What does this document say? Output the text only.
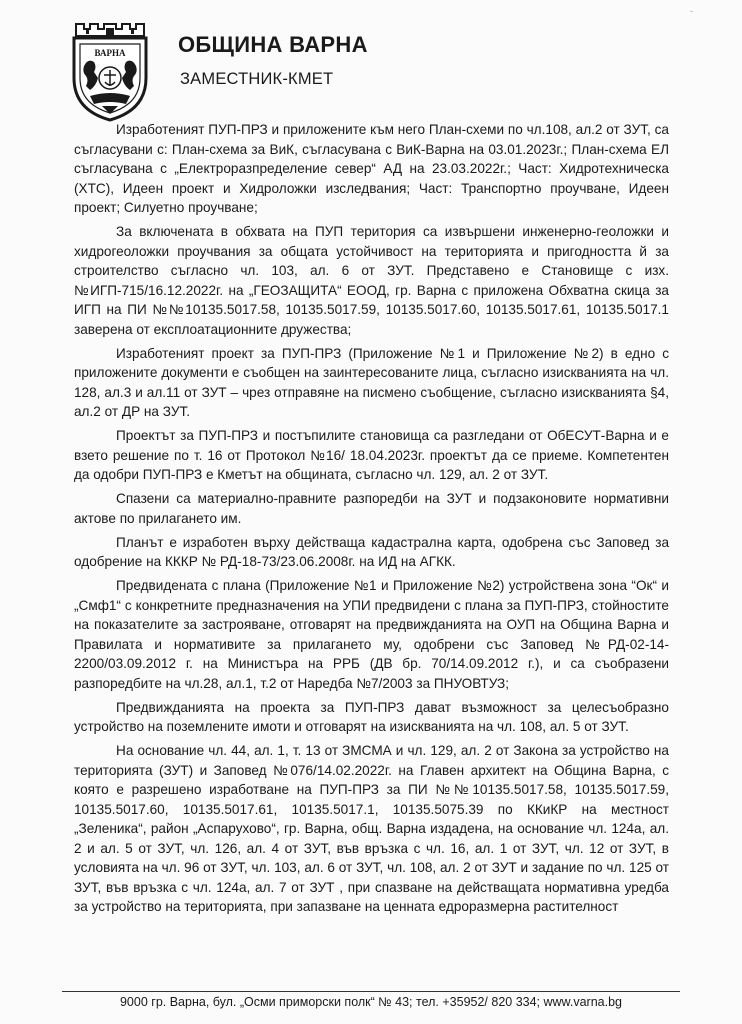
ВАРНА ОБЩИНА ВАРНА
ЗАМЕСТНИК-КМЕТ
-

Изработеният ПУП-ПРЗ и приложените към него План-схеми по чл.108, ал.2 от ЗУТ, са съгласувани с: План-схема за ВиК, съгласувана с ВиК-Варна на 03.01.2023г.; План-схема ЕЛ съгласувана с „Електроразпределение север“ АД на 23.03.2022г.; Част: Хидротехническа (ХТС), Идеен проект и Хидроложки изследвания; Част: Транспортно проучване, Идеен проект; Силуетно проучване;

За включената в обхвата на ПУП територия са извършени инженерно-геоложки и хидрогеоложки проучвания за общата устойчивост на територията и пригодността й за строителство съгласно чл. 103, ал. 6 от ЗУТ. Представено е Становище с изх. №ИГП-715/16.12.2022г. на „ГЕОЗАЩИТА“ ЕООД, гр. Варна с приложена Обхватна скица за ИГП на ПИ №№10135.5017.58, 10135.5017.59, 10135.5017.60, 10135.5017.61, 10135.5017.1 заверена от експлоатационните дружества;

Изработеният проект за ПУП-ПРЗ (Приложение №1 и Приложение №2) в едно с приложените документи е съобщен на заинтересованите лица, съгласно изискванията на чл. 128, ал.3 и ал.11 от ЗУТ – чрез отправяне на писмено съобщение, съгласно изискванията §4, ал.2 от ДР на ЗУТ.

Проектът за ПУП-ПРЗ и постъпилите становища са разгледани от ОбЕСУТ-Варна и е взето решение по т. 16 от Протокол №16/ 18.04.2023г. проектът да се приеме. Компетентен да одобри ПУП-ПРЗ е Кметът на общината, съгласно чл. 129, ал. 2 от ЗУТ.

Спазени са материално-правните разпоредби на ЗУТ и подзаконовите нормативни актове по прилагането им.

Планът е изработен върху действаща кадастрална карта, одобрена със Заповед за одобрение на КККР № РД-18-73/23.06.2008г. на ИД на АГКК.

Предвидената с плана (Приложение №1 и Приложение №2) устройствена зона “Ок“ и „Смф1“ с конкретните предназначения на УПИ предвидени с плана за ПУП-ПРЗ, стойностите на показателите за застрояване, отговарят на предвижданията на ОУП на Община Варна и Правилата и нормативите за прилагането му, одобрени със Заповед №РД-02-14-2200/03.09.2012 г. на Министъра на РРБ (ДВ бр. 70/14.09.2012 г.), и са съобразени разпоредбите на чл.28, ал.1, т.2 от Наредба №7/2003 за ПНУОВТУЗ;

Предвижданията на проекта за ПУП-ПРЗ дават възможност за целесъобразно устройство на поземлените имоти и отговарят на изискванията на чл. 108, ал. 5 от ЗУТ.

На основание чл. 44, ал. 1, т. 13 от ЗМСМА и чл. 129, ал. 2 от Закона за устройство на територията (ЗУТ) и Заповед №076/14.02.2022г. на Главен архитект на Община Варна, с която е разрешено изработване на ПУП-ПРЗ за ПИ №№10135.5017.58, 10135.5017.59, 10135.5017.60, 10135.5017.61, 10135.5017.1, 10135.5075.39 по ККиКР на местност „Зеленика“, район „Аспарухово“, гр. Варна, общ. Варна издадена, на основание чл. 124а, ал. 2 и ал. 5 от ЗУТ, чл. 126, ал. 4 от ЗУТ, във връзка с чл. 16, ал. 1 от ЗУТ, чл. 12 от ЗУТ, в условията на чл. 96 от ЗУТ, чл. 103, ал. 6 от ЗУТ, чл. 108, ал. 2 от ЗУТ и задание по чл. 125 от ЗУТ, във връзка с чл. 124а, ал. 7 от ЗУТ , при спазване на действащата нормативна уредба за устройство на територията, при запазване на ценната едроразмерна растителност

9000 гр. Варна, бул. „Осми приморски полк“ № 43; тел. +35952/ 820 334; www.varna.bg
